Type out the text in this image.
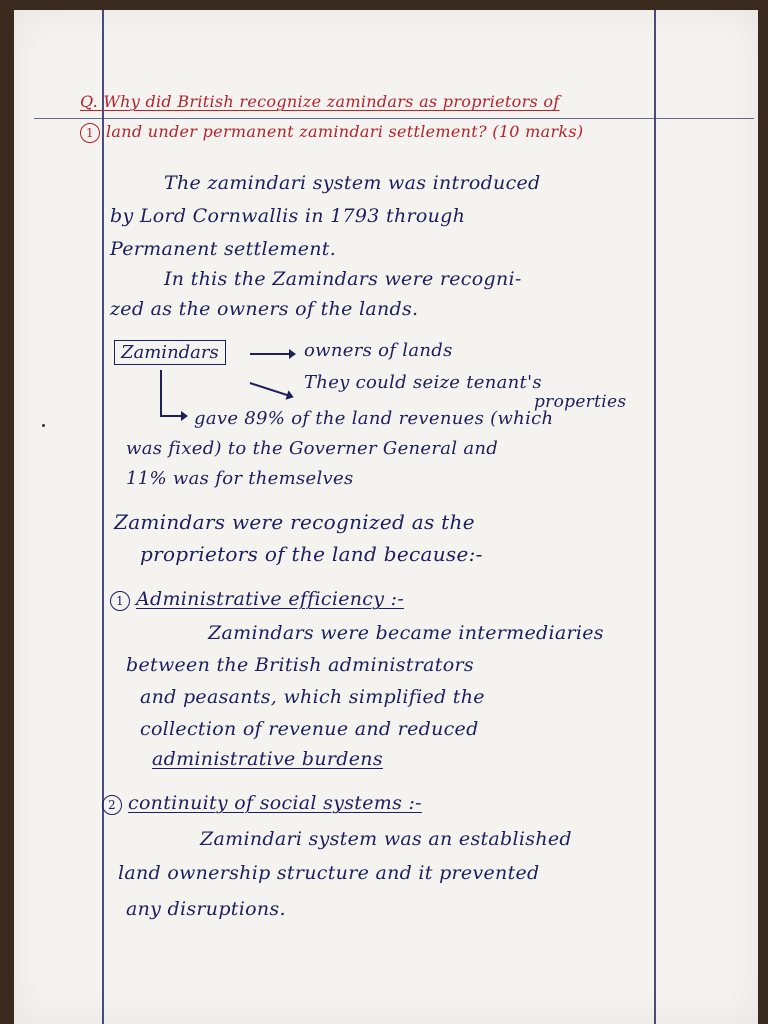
Q. Why did British recognize zamindars as proprietors of
1 land under permanent zamindari settlement? (10 marks)
The zamindari system was introduced
by Lord Cornwallis in 1793 through
Permanent settlement.
In this the Zamindars were recogni-
zed as the owners of the lands.
Zamindars	owners of lands
They could seize tenant's
properties
gave 89% of the land revenues (which
was fixed) to the Governer General and
11% was for themselves
Zamindars were recognized as the
proprietors of the land because:-
1 Administrative efficiency :-
Zamindars were became intermediaries
between the British administrators
and peasants, which simplified the
collection of revenue and reduced
administrative burdens
2 continuity of social systems :-
Zamindari system was an established
land ownership structure and it prevented
any disruptions.
